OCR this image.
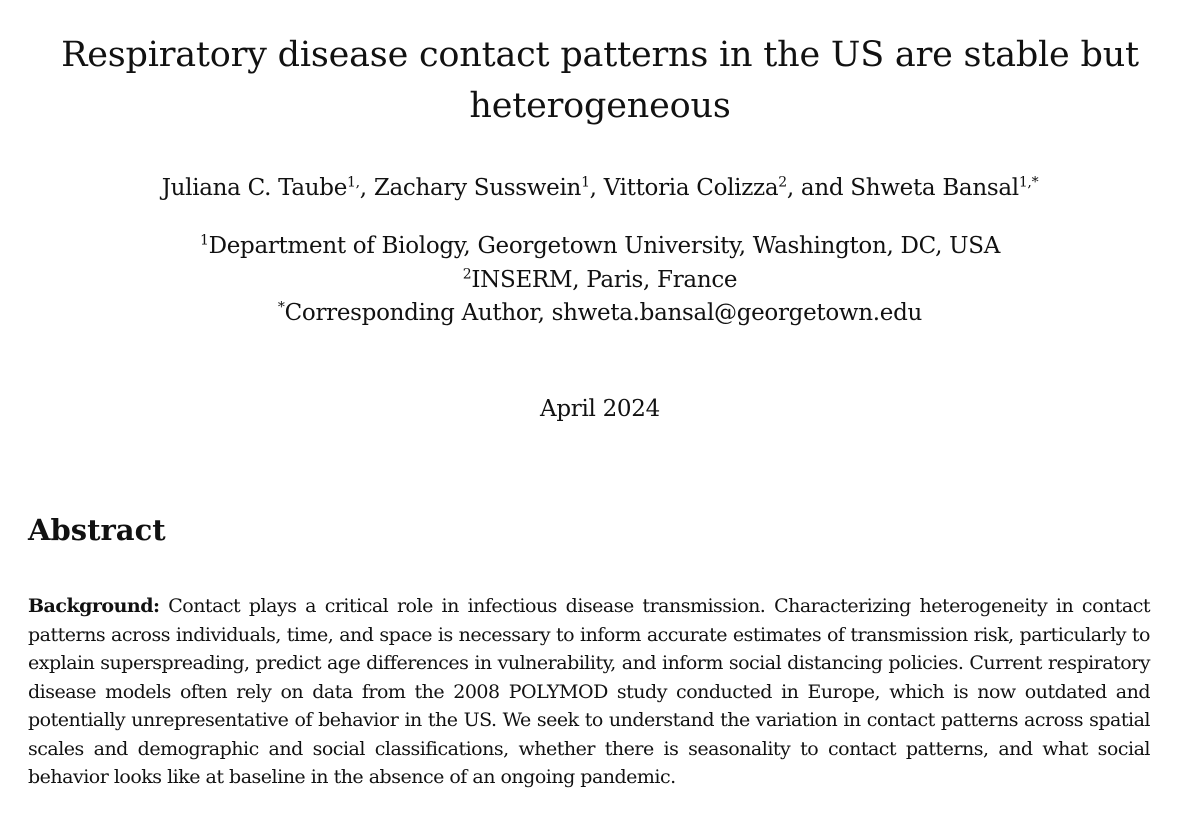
Respiratory disease contact patterns in the US are stable but
heterogeneous
Juliana C. Taube$^{1,}$, Zachary Susswein$^1$, Vittoria Colizza$^2$, and Shweta Bansal$^{1,*}$
$^1$Department of Biology, Georgetown University, Washington, DC, USA
$^2$INSERM, Paris, France
*Corresponding Author, shweta.bansal@georgetown.edu
April 2024
Abstract

Background: Contact plays a critical role in infectious disease transmission. Characterizing heterogeneity in contact patterns across individuals, time, and space is necessary to inform accurate estimates of transmission risk, particularly to explain superspreading, predict age differences in vulnerability, and inform social distancing policies. Current respiratory disease models often rely on data from the 2008 POLYMOD study conducted in Europe, which is now outdated and potentially unrepresentative of behavior in the US. We seek to understand the variation in contact patterns across spatial scales and demographic and social classifications, whether there is seasonality to contact patterns, and what social behavior looks like at baseline in the absence of an ongoing pandemic.
